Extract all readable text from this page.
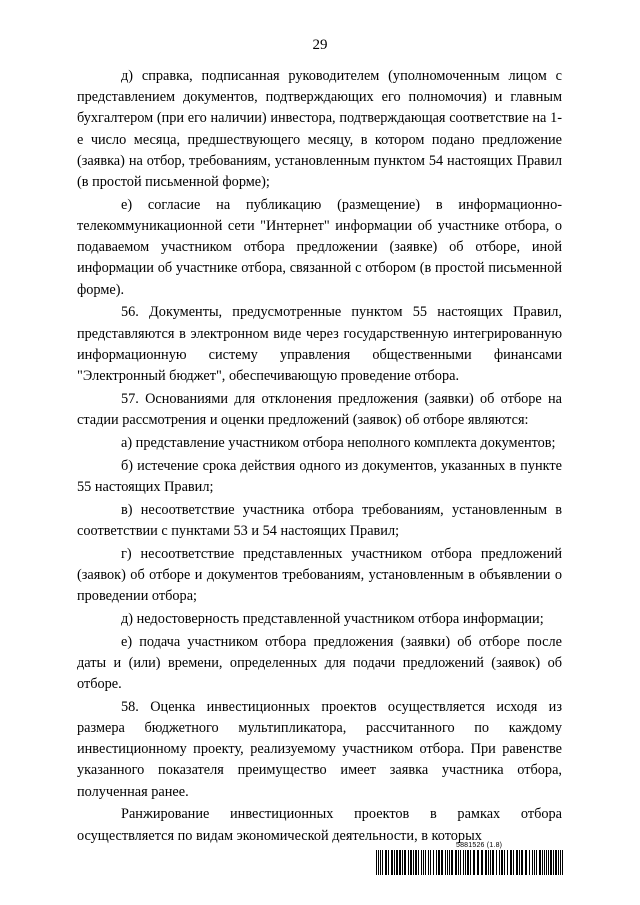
29

д) справка, подписанная руководителем (уполномоченным лицом с представлением документов, подтверждающих его полномочия) и главным бухгалтером (при его наличии) инвестора, подтверждающая соответствие на 1-е число месяца, предшествующего месяцу, в котором подано предложение (заявка) на отбор, требованиям, установленным пунктом 54 настоящих Правил (в простой письменной форме);

е) согласие на публикацию (размещение) в информационно-телекоммуникационной сети "Интернет" информации об участнике отбора, о подаваемом участником отбора предложении (заявке) об отборе, иной информации об участнике отбора, связанной с отбором (в простой письменной форме).

56. Документы, предусмотренные пунктом 55 настоящих Правил, представляются в электронном виде через государственную интегрированную информационную систему управления общественными финансами "Электронный бюджет", обеспечивающую проведение отбора.

57. Основаниями для отклонения предложения (заявки) об отборе на стадии рассмотрения и оценки предложений (заявок) об отборе являются:

а) представление участником отбора неполного комплекта документов;

б) истечение срока действия одного из документов, указанных в пункте 55 настоящих Правил;

в) несоответствие участника отбора требованиям, установленным в соответствии с пунктами 53 и 54 настоящих Правил;

г) несоответствие представленных участником отбора предложений (заявок) об отборе и документов требованиям, установленным в объявлении о проведении отбора;

д) недостоверность представленной участником отбора информации;

е) подача участником отбора предложения (заявки) об отборе после даты и (или) времени, определенных для подачи предложений (заявок) об отборе.

58. Оценка инвестиционных проектов осуществляется исходя из размера бюджетного мультипликатора, рассчитанного по каждому инвестиционному проекту, реализуемому участником отбора. При равенстве указанного показателя преимущество имеет заявка участника отбора, полученная ранее.

Ранжирование инвестиционных проектов в рамках отбора осуществляется по видам экономической деятельности, в которых

5881526 (1.8)
